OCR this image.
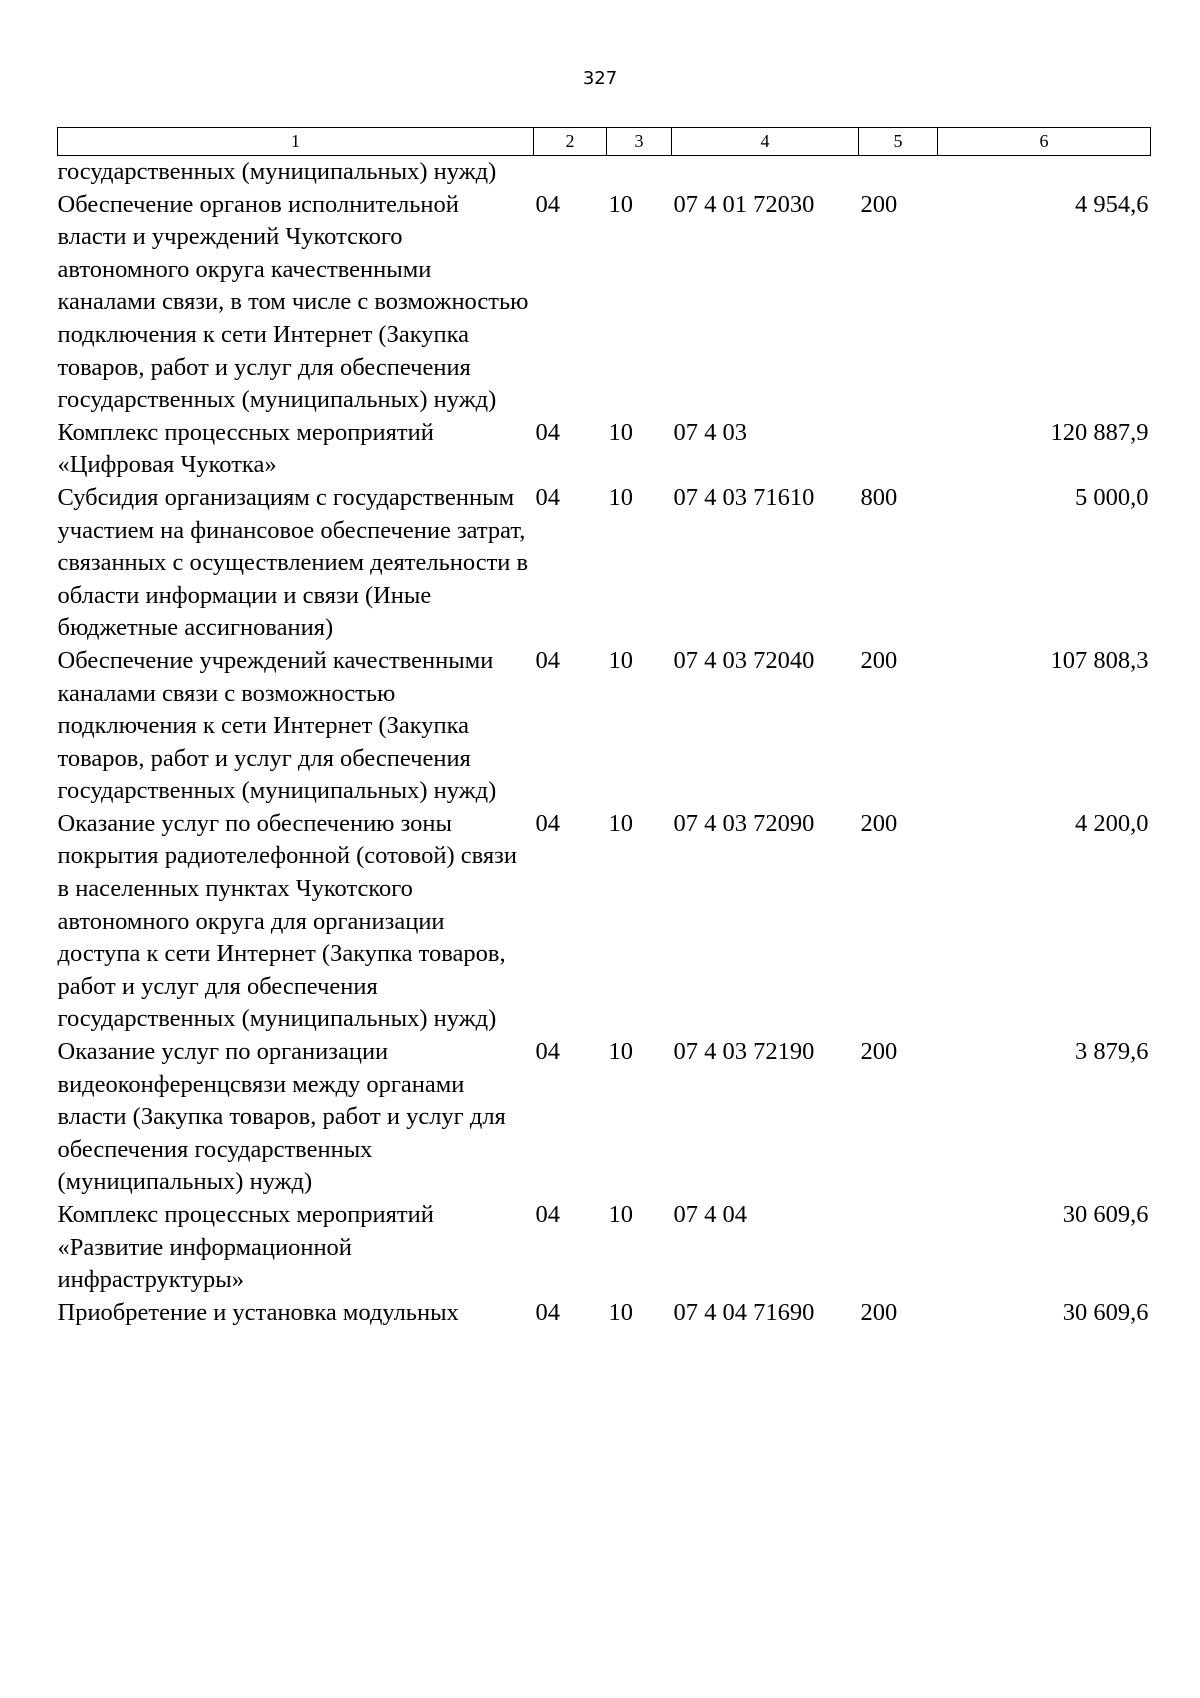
327
1	2	3	4	5	6
государственных (муниципальных) нужд)					
Обеспечение органов исполнительной власти и учреждений Чукотского автономного округа качественными каналами связи, в том числе с возможностью подключения к сети Интернет (Закупка товаров, работ и услуг для обеспечения государственных (муниципальных) нужд)	04	10	07 4 01 72030	200	4 954,6
Комплекс процессных мероприятий «Цифровая Чукотка»	04	10	07 4 03		120 887,9
Субсидия организациям с государственным участием на финансовое обеспечение затрат, связанных с осуществлением деятельности в области информации и связи (Иные бюджетные ассигнования)	04	10	07 4 03 71610	800	5 000,0
Обеспечение учреждений качественными каналами связи с возможностью подключения к сети Интернет (Закупка товаров, работ и услуг для обеспечения государственных (муниципальных) нужд)	04	10	07 4 03 72040	200	107 808,3
Оказание услуг по обеспечению зоны покрытия радиотелефонной (сотовой) связи в населенных пунктах Чукотского автономного округа для организации доступа к сети Интернет (Закупка товаров, работ и услуг для обеспечения государственных (муниципальных) нужд)	04	10	07 4 03 72090	200	4 200,0
Оказание услуг по организации видеоконференцсвязи между органами власти (Закупка товаров, работ и услуг для обеспечения государственных (муниципальных) нужд)	04	10	07 4 03 72190	200	3 879,6
Комплекс процессных мероприятий «Развитие информационной инфраструктуры»	04	10	07 4 04		30 609,6
Приобретение и установка модульных	04	10	07 4 04 71690	200	30 609,6
